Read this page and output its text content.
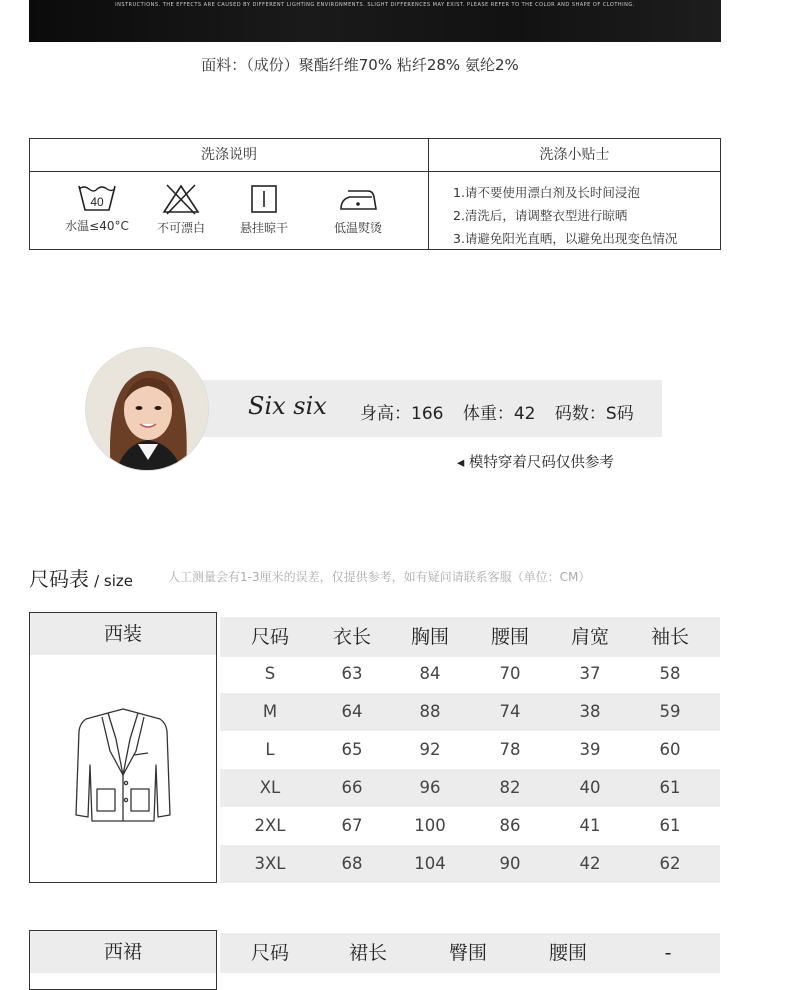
INSTRUCTIONS. THE EFFECTS ARE CAUSED BY DIFFERENT LIGHTING ENVIRONMENTS. SLIGHT DIFFERENCES MAY EXIST. PLEASE REFER TO THE COLOR AND SHAPE OF CLOTHING.
面料：（成份）聚酯纤维70% 粘纤28% 氨纶2%
洗涤说明	洗涤小贴士
40
水温≤40°C	不可漂白	悬挂晾干	低温熨烫
1.请不要使用漂白剂及长时间浸泡
2.清洗后，请调整衣型进行晾晒
3.请避免阳光直晒，以避免出现变色情况
Six six 身高：166 体重：42 码数：S码
◂ 模特穿着尺码仅供参考
尺码表 / size	人工测量会有1-3厘米的误差，仅提供参考，如有疑问请联系客服（单位：CM）
西装	尺码	衣长	胸围	腰围	肩宽	袖长
S	63	84	70	37	58
M	64	88	74	38	59
L	65	92	78	39	60
XL	66	96	82	40	61
2XL	67	100	86	41	61
3XL	68	104	90	42	62
西裙	尺码	裙长	臀围	腰围	-
